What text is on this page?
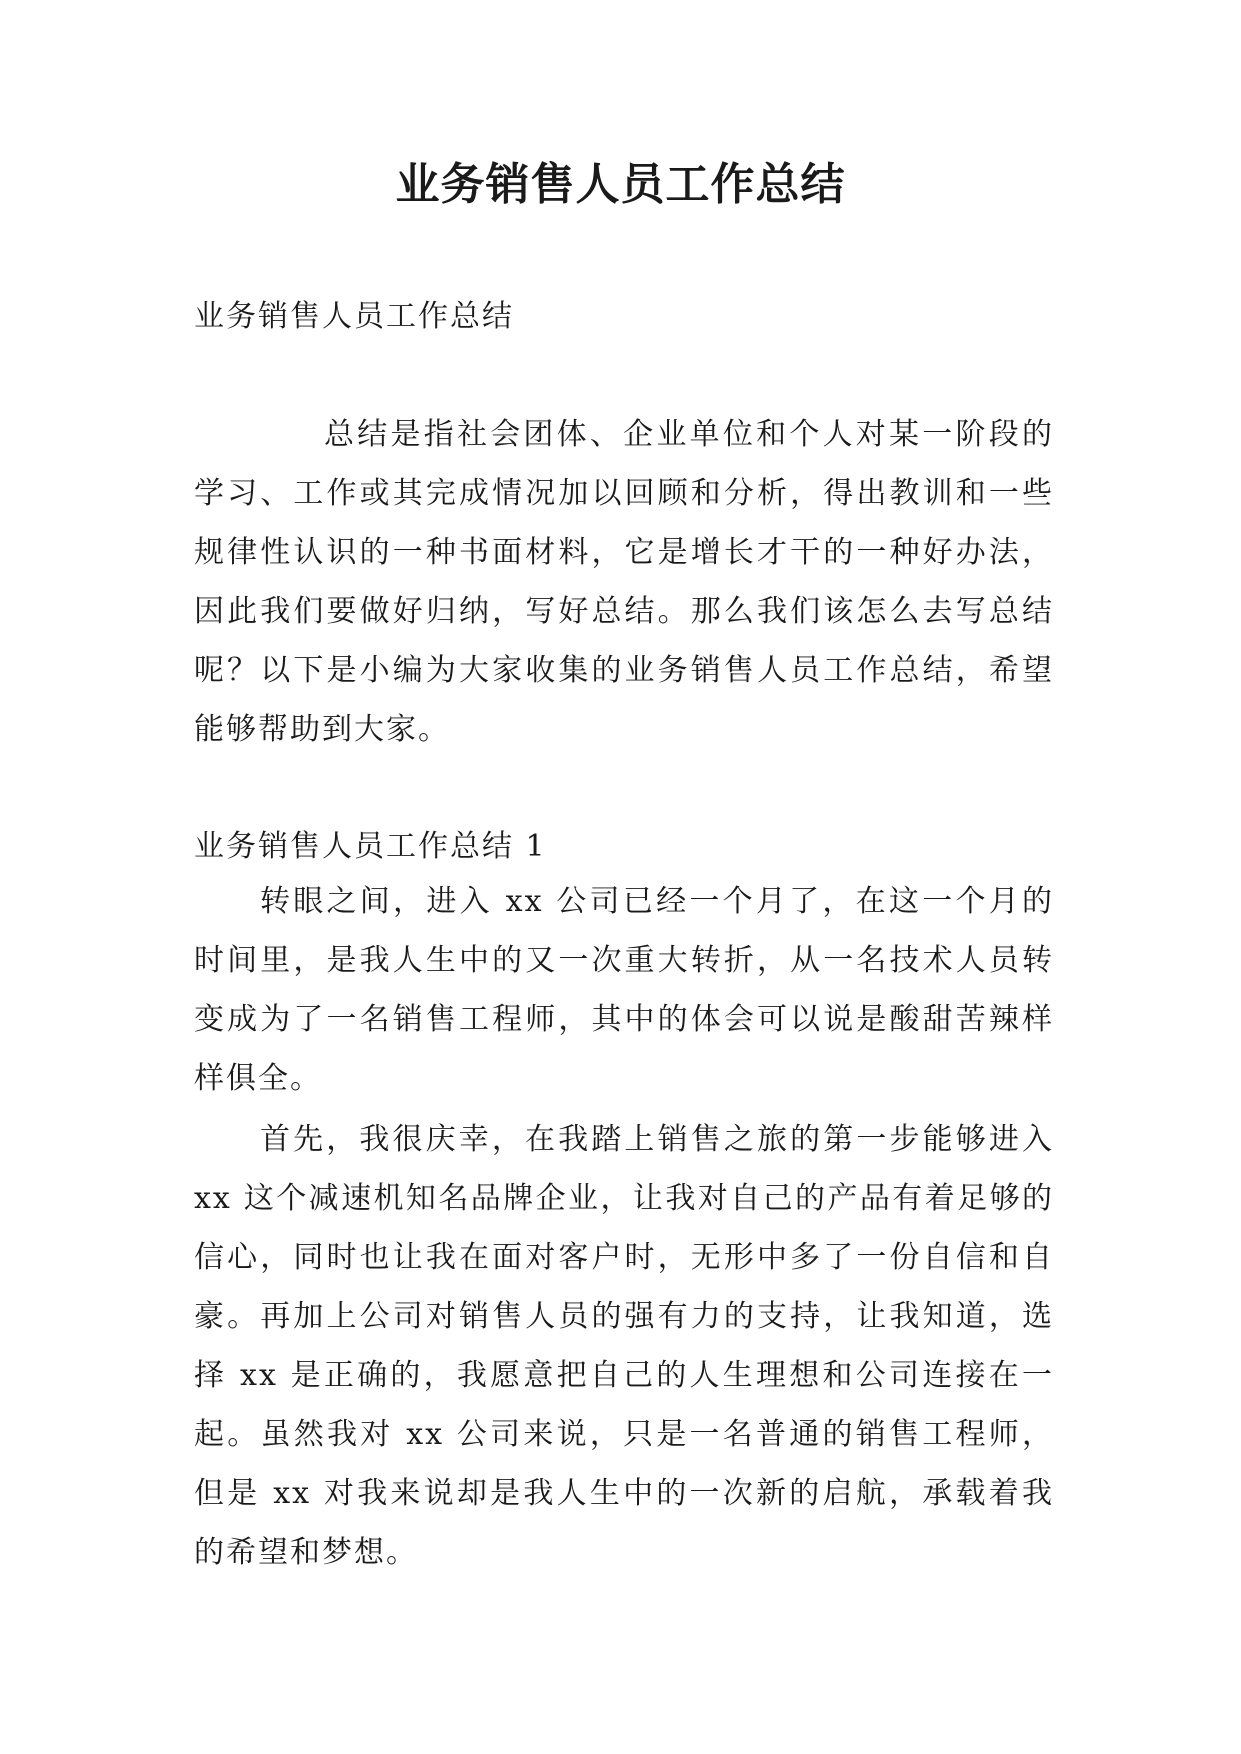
业务销售人员工作总结

业务销售人员工作总结

总结是指社会团体、企业单位和个人对某一阶段的学习、工作或其完成情况加以回顾和分析，得出教训和一些规律性认识的一种书面材料，它是增长才干的一种好办法，因此我们要做好归纳，写好总结。那么我们该怎么去写总结呢？以下是小编为大家收集的业务销售人员工作总结，希望能够帮助到大家。

业务销售人员工作总结 1

转眼之间，进入 xx 公司已经一个月了，在这一个月的时间里，是我人生中的又一次重大转折，从一名技术人员转变成为了一名销售工程师，其中的体会可以说是酸甜苦辣样样俱全。

首先，我很庆幸，在我踏上销售之旅的第一步能够进入 xx 这个减速机知名品牌企业，让我对自己的产品有着足够的信心，同时也让我在面对客户时，无形中多了一份自信和自豪。再加上公司对销售人员的强有力的支持，让我知道，选择 xx 是正确的，我愿意把自己的人生理想和公司连接在一起。虽然我对 xx 公司来说，只是一名普通的销售工程师，但是 xx 对我来说却是我人生中的一次新的启航，承载着我的希望和梦想。
